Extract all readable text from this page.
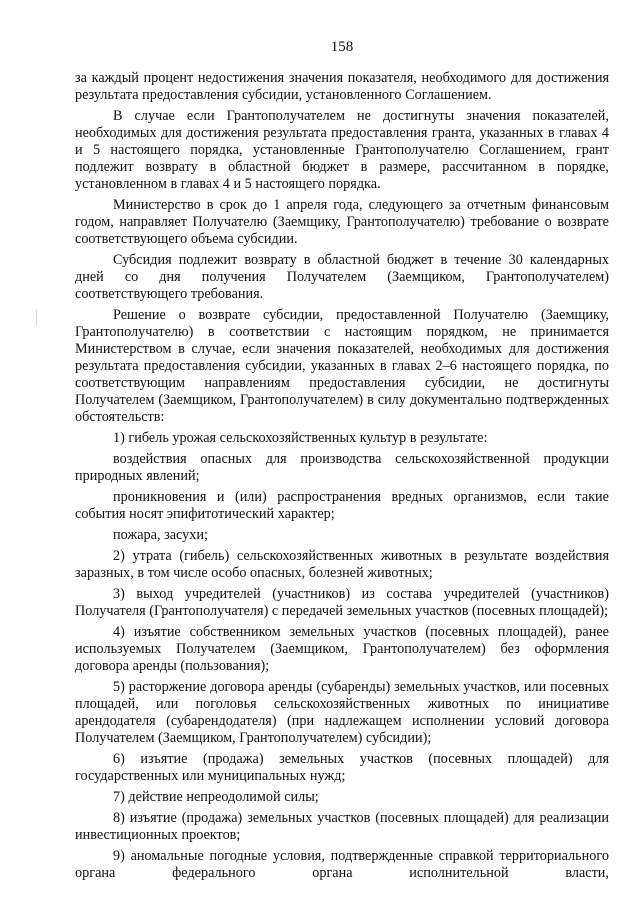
158

за каждый процент недостижения значения показателя, необходимого для достижения результата предоставления субсидии, установленного Соглашением.

В случае если Грантополучателем не достигнуты значения показателей, необходимых для достижения результата предоставления гранта, указанных в главах 4 и 5 настоящего порядка, установленные Грантополучателю Соглашением, грант подлежит возврату в областной бюджет в размере, рассчитанном в порядке, установленном в главах 4 и 5 настоящего порядка.

Министерство в срок до 1 апреля года, следующего за отчетным финансовым годом, направляет Получателю (Заемщику, Грантополучателю) требование о возврате соответствующего объема субсидии.

Субсидия подлежит возврату в областной бюджет в течение 30 календарных дней со дня получения Получателем (Заемщиком, Грантополучателем) соответствующего требования.

Решение о возврате субсидии, предоставленной Получателю (Заемщику, Грантополучателю) в соответствии с настоящим порядком, не принимается Министерством в случае, если значения показателей, необходимых для достижения результата предоставления субсидии, указанных в главах 2–6 настоящего порядка, по соответствующим направлениям предоставления субсидии, не достигнуты Получателем (Заемщиком, Грантополучателем) в силу документально подтвержденных обстоятельств:

1) гибель урожая сельскохозяйственных культур в результате:

воздействия опасных для производства сельскохозяйственной продукции природных явлений;

проникновения и (или) распространения вредных организмов, если такие события носят эпифитотический характер;

пожара, засухи;

2) утрата (гибель) сельскохозяйственных животных в результате воздействия заразных, в том числе особо опасных, болезней животных;

3) выход учредителей (участников) из состава учредителей (участников) Получателя (Грантополучателя) с передачей земельных участков (посевных площадей);

4) изъятие собственником земельных участков (посевных площадей), ранее используемых Получателем (Заемщиком, Грантополучателем) без оформления договора аренды (пользования);

5) расторжение договора аренды (субаренды) земельных участков, или посевных площадей, или поголовья сельскохозяйственных животных по инициативе арендодателя (субарендодателя) (при надлежащем исполнении условий договора Получателем (Заемщиком, Грантополучателем) субсидии);

6) изъятие (продажа) земельных участков (посевных площадей) для государственных или муниципальных нужд;

7) действие непреодолимой силы;

8) изъятие (продажа) земельных участков (посевных площадей) для реализации инвестиционных проектов;

9) аномальные погодные условия, подтвержденные справкой территориального органа федерального органа исполнительной власти,
